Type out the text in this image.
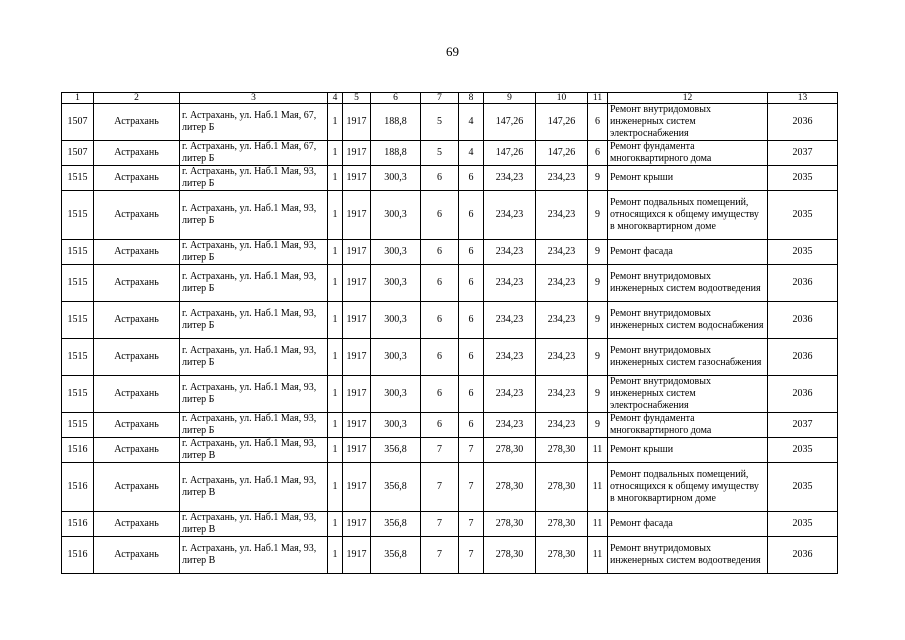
69
1	2	3	4	5	6	7	8	9	10	11	12	13
1507	Астрахань	г. Астрахань, ул. Наб.1 Мая, 67, литер Б	1	1917	188,8	5	4	147,26	147,26	6	Ремонт внутридомовых инженерных систем электроснабжения	2036
1507	Астрахань	г. Астрахань, ул. Наб.1 Мая, 67, литер Б	1	1917	188,8	5	4	147,26	147,26	6	Ремонт фундамента многоквартирного дома	2037
1515	Астрахань	г. Астрахань, ул. Наб.1 Мая, 93, литер Б	1	1917	300,3	6	6	234,23	234,23	9	Ремонт крыши	2035
1515	Астрахань	г. Астрахань, ул. Наб.1 Мая, 93, литер Б	1	1917	300,3	6	6	234,23	234,23	9	Ремонт подвальных помещений, относящихся к общему имуществу в многоквартирном доме	2035
1515	Астрахань	г. Астрахань, ул. Наб.1 Мая, 93, литер Б	1	1917	300,3	6	6	234,23	234,23	9	Ремонт фасада	2035
1515	Астрахань	г. Астрахань, ул. Наб.1 Мая, 93, литер Б	1	1917	300,3	6	6	234,23	234,23	9	Ремонт внутридомовых инженерных систем водоотведения	2036
1515	Астрахань	г. Астрахань, ул. Наб.1 Мая, 93, литер Б	1	1917	300,3	6	6	234,23	234,23	9	Ремонт внутридомовых инженерных систем водоснабжения	2036
1515	Астрахань	г. Астрахань, ул. Наб.1 Мая, 93, литер Б	1	1917	300,3	6	6	234,23	234,23	9	Ремонт внутридомовых инженерных систем газоснабжения	2036
1515	Астрахань	г. Астрахань, ул. Наб.1 Мая, 93, литер Б	1	1917	300,3	6	6	234,23	234,23	9	Ремонт внутридомовых инженерных систем электроснабжения	2036
1515	Астрахань	г. Астрахань, ул. Наб.1 Мая, 93, литер Б	1	1917	300,3	6	6	234,23	234,23	9	Ремонт фундамента многоквартирного дома	2037
1516	Астрахань	г. Астрахань, ул. Наб.1 Мая, 93, литер В	1	1917	356,8	7	7	278,30	278,30	11	Ремонт крыши	2035
1516	Астрахань	г. Астрахань, ул. Наб.1 Мая, 93, литер В	1	1917	356,8	7	7	278,30	278,30	11	Ремонт подвальных помещений, относящихся к общему имуществу в многоквартирном доме	2035
1516	Астрахань	г. Астрахань, ул. Наб.1 Мая, 93, литер В	1	1917	356,8	7	7	278,30	278,30	11	Ремонт фасада	2035
1516	Астрахань	г. Астрахань, ул. Наб.1 Мая, 93, литер В	1	1917	356,8	7	7	278,30	278,30	11	Ремонт внутридомовых инженерных систем водоотведения	2036
